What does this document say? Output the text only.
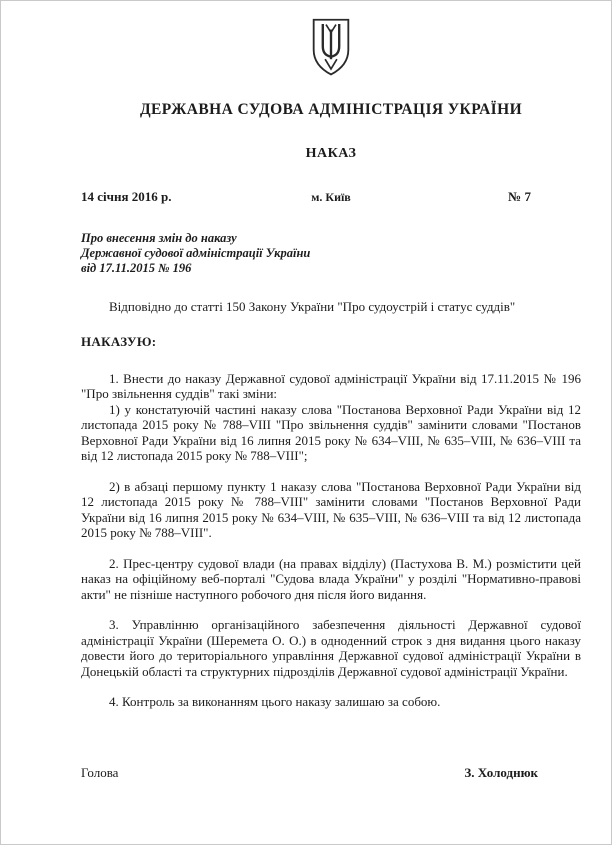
ДЕРЖАВНА СУДОВА АДМІНІСТРАЦІЯ УКРАЇНИ
НАКАЗ
14 січня 2016 р.	м. Київ	№ 7
Про внесення змін до наказу
Державної судової адміністрації України
від 17.11.2015 № 196

Відповідно до статті 150 Закону України "Про судоустрій і статус суддів"

НАКАЗУЮ:

1. Внести до наказу Державної судової адміністрації України від 17.11.2015 № 196 "Про звільнення суддів" такі зміни:

1) у констатуючій частині наказу слова "Постанова Верховної Ради України від 12 листопада 2015 року № 788–VIII "Про звільнення суддів" замінити словами "Постанов Верховної Ради України від 16 липня 2015 року № 634–VIII, № 635–VIII, № 636–VIII та від 12 листопада 2015 року № 788–VIII";

2) в абзаці першому пункту 1 наказу слова "Постанова Верховної Ради України від 12 листопада 2015 року № 788–VIII" замінити словами "Постанов Верховної Ради України від 16 липня 2015 року № 634–VIII, № 635–VIII, № 636–VIII та від 12 листопада 2015 року № 788–VIII".

2. Прес-центру судової влади (на правах відділу) (Пастухова В. М.) розмістити цей наказ на офіційному веб-порталі "Судова влада України" у розділі "Нормативно-правові акти" не пізніше наступного робочого дня після його видання.

3. Управлінню організаційного забезпечення діяльності Державної судової адміністрації України (Шеремета О. О.) в одноденний строк з дня видання цього наказу довести його до територіального управління Державної судової адміністрації України в Донецькій області та структурних підрозділів Державної судової адміністрації України.

4. Контроль за виконанням цього наказу залишаю за собою.

Голова	З. Холоднюк
